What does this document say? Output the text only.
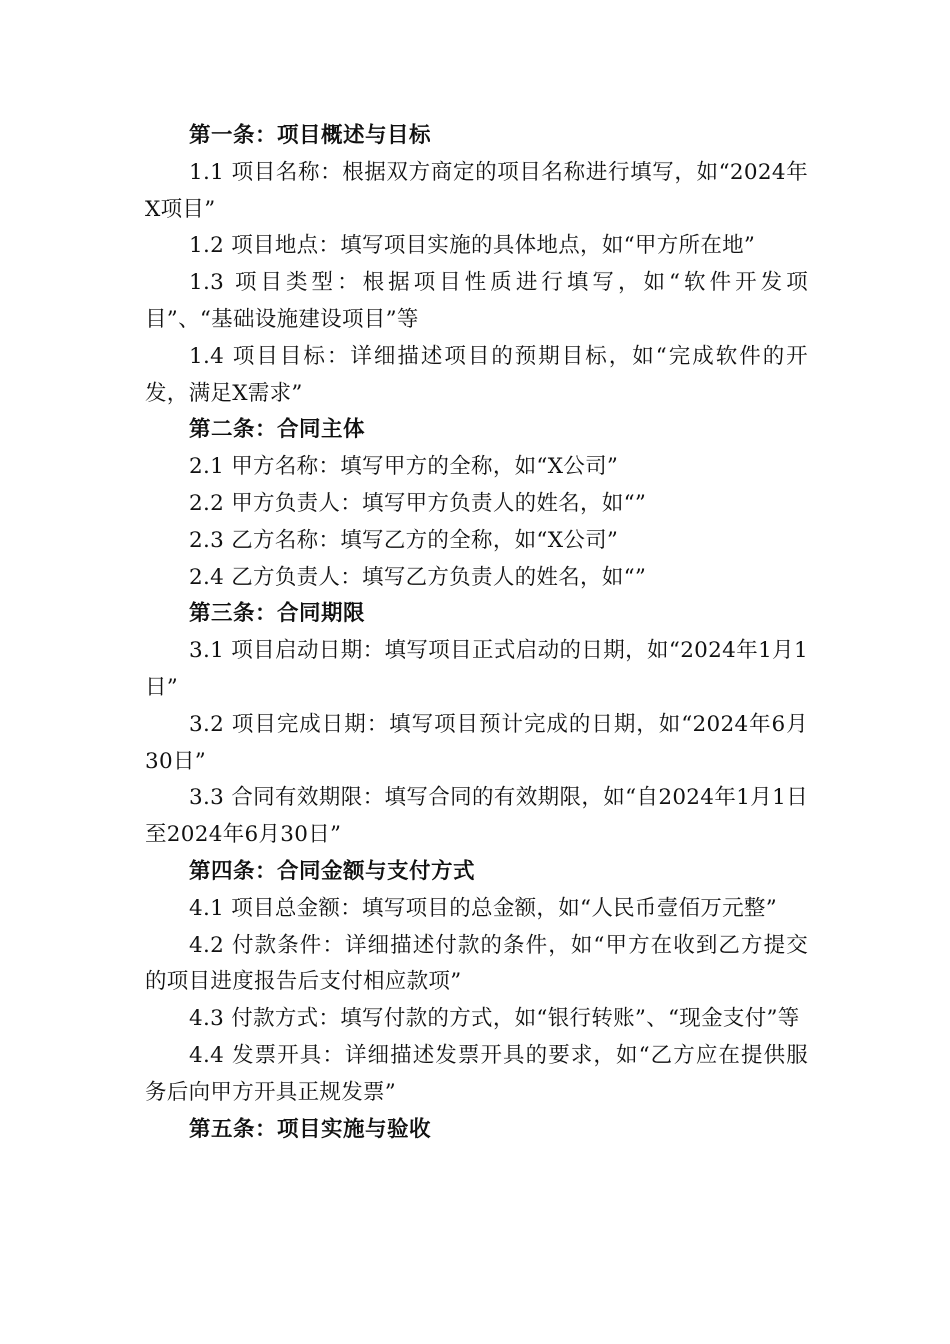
第一条：项目概述与目标
1.1 项目名称：根据双方商定的项目名称进行填写，如“2024年X项目”
1.2 项目地点：填写项目实施的具体地点，如“甲方所在地”
1.3 项目类型：根据项目性质进行填写，如“软件开发项目”、“基础设施建设项目”等
1.4 项目目标：详细描述项目的预期目标，如“完成软件的开发，满足X需求”
第二条：合同主体
2.1 甲方名称：填写甲方的全称，如“X公司”
2.2 甲方负责人：填写甲方负责人的姓名，如“”
2.3 乙方名称：填写乙方的全称，如“X公司”
2.4 乙方负责人：填写乙方负责人的姓名，如“”
第三条：合同期限
3.1 项目启动日期：填写项目正式启动的日期，如“2024年1月1日”
3.2 项目完成日期：填写项目预计完成的日期，如“2024年6月30日”
3.3 合同有效期限：填写合同的有效期限，如“自2024年1月1日至2024年6月30日”
第四条：合同金额与支付方式
4.1 项目总金额：填写项目的总金额，如“人民币壹佰万元整”
4.2 付款条件：详细描述付款的条件，如“甲方在收到乙方提交的项目进度报告后支付相应款项”
4.3 付款方式：填写付款的方式，如“银行转账”、“现金支付”等
4.4 发票开具：详细描述发票开具的要求，如“乙方应在提供服务后向甲方开具正规发票”
第五条：项目实施与验收
